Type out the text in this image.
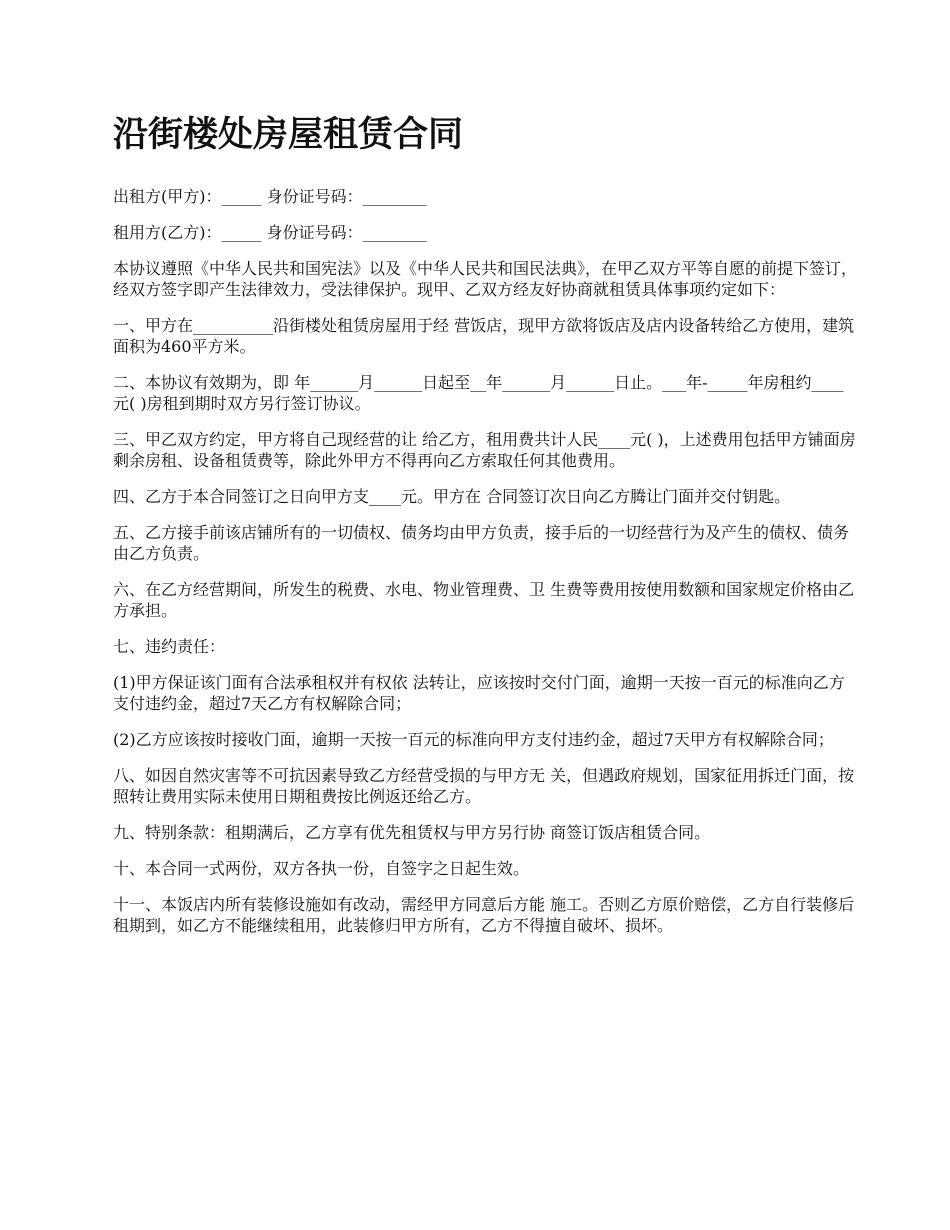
沿街楼处房屋租赁合同

出租方(甲方)：_____ 身份证号码：________

租用方(乙方)：_____ 身份证号码：________

本协议遵照《中华人民共和国宪法》以及《中华人民共和国民法典》，在甲乙双方平等自愿的前提下签订，经双方签字即产生法律效力，受法律保护。现甲、乙双方经友好协商就租赁具体事项约定如下：

一、甲方在__________沿街楼处租赁房屋用于经 营饭店，现甲方欲将饭店及店内设备转给乙方使用，建筑面积为460平方米。

二、本协议有效期为，即 年______月______日起至__年______月______日止。___年-_____年房租约____元( )房租到期时双方另行签订协议。

三、甲乙双方约定，甲方将自己现经营的让 给乙方，租用费共计人民____元( )，上述费用包括甲方铺面房剩余房租、设备租赁费等，除此外甲方不得再向乙方索取任何其他费用。

四、乙方于本合同签订之日向甲方支____元。甲方在 合同签订次日向乙方腾让门面并交付钥匙。

五、乙方接手前该店铺所有的一切债权、债务均由甲方负责，接手后的一切经营行为及产生的债权、债务由乙方负责。

六、在乙方经营期间，所发生的税费、水电、物业管理费、卫 生费等费用按使用数额和国家规定价格由乙方承担。

七、违约责任：

(1)甲方保证该门面有合法承租权并有权依 法转让，应该按时交付门面，逾期一天按一百元的标准向乙方支付违约金，超过7天乙方有权解除合同；

(2)乙方应该按时接收门面，逾期一天按一百元的标准向甲方支付违约金，超过7天甲方有权解除合同；

八、如因自然灾害等不可抗因素导致乙方经营受损的与甲方无 关，但遇政府规划，国家征用拆迁门面，按照转让费用实际未使用日期租费按比例返还给乙方。

九、特别条款：租期满后，乙方享有优先租赁权与甲方另行协 商签订饭店租赁合同。

十、本合同一式两份，双方各执一份，自签字之日起生效。

十一、本饭店内所有装修设施如有改动，需经甲方同意后方能 施工。否则乙方原价赔偿，乙方自行装修后租期到，如乙方不能继续租用，此装修归甲方所有，乙方不得擅自破坏、损坏。
